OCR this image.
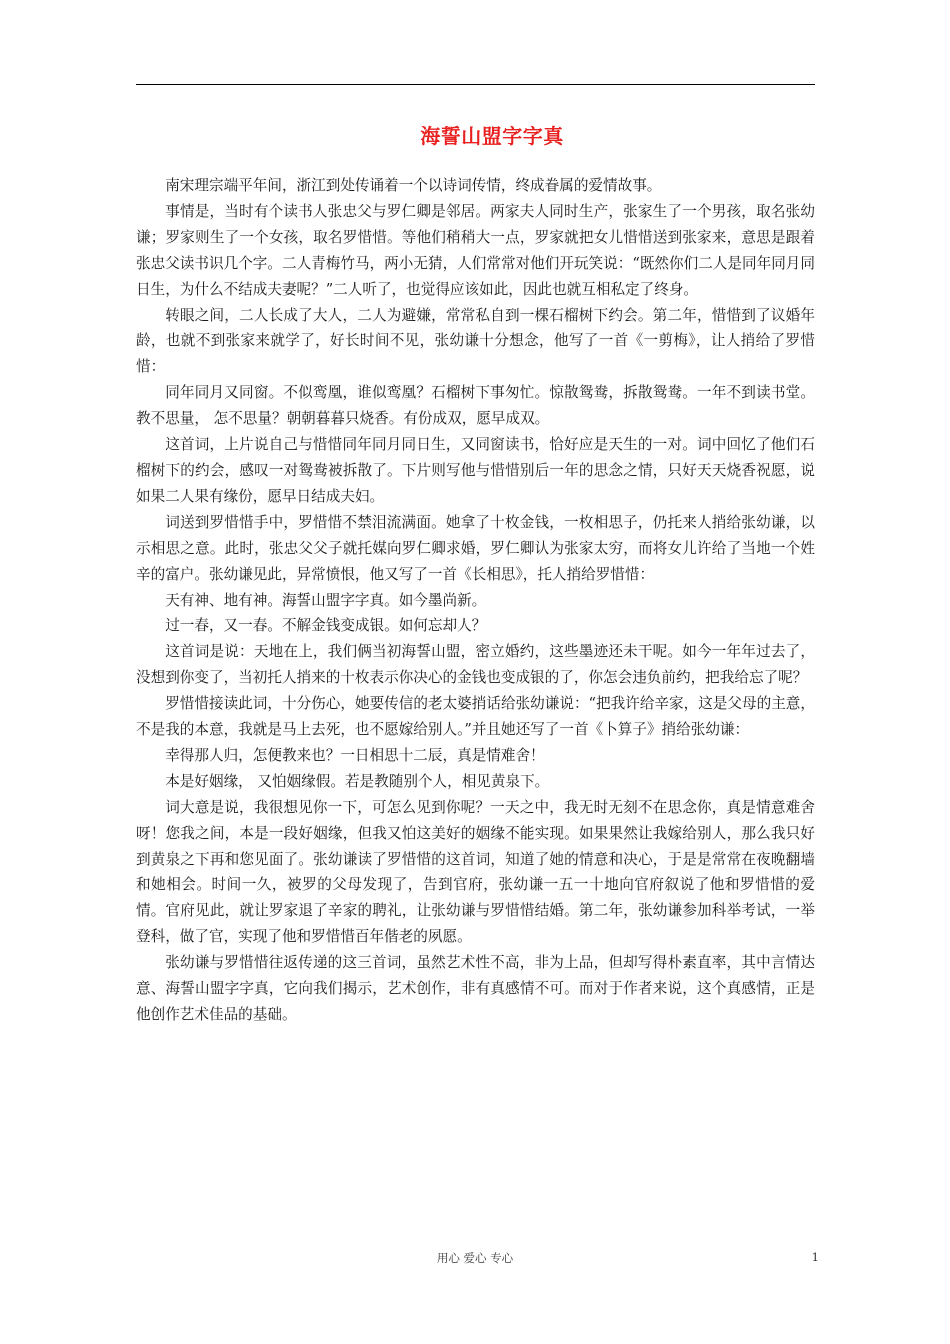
海誓山盟字字真

南宋理宗端平年间，浙江到处传诵着一个以诗词传情，终成眷属的爱情故事。

事情是，当时有个读书人张忠父与罗仁卿是邻居。两家夫人同时生产，张家生了一个男孩，取名张幼谦；罗家则生了一个女孩，取名罗惜惜。等他们稍稍大一点，罗家就把女儿惜惜送到张家来，意思是跟着张忠父读书识几个字。二人青梅竹马，两小无猜，人们常常对他们开玩笑说：“既然你们二人是同年同月同日生，为什么不结成夫妻呢？”二人听了，也觉得应该如此，因此也就互相私定了终身。

转眼之间，二人长成了大人，二人为避嫌，常常私自到一棵石榴树下约会。第二年，惜惜到了议婚年龄，也就不到张家来就学了，好长时间不见，张幼谦十分想念，他写了一首《一剪梅》，让人捎给了罗惜惜：

同年同月又同窗。不似鸾凰，谁似鸾凰？石榴树下事匆忙。惊散鸳鸯，拆散鸳鸯。一年不到读书堂。教不思量， 怎不思量？朝朝暮暮只烧香。有份成双，愿早成双。

这首词，上片说自己与惜惜同年同月同日生，又同窗读书，恰好应是天生的一对。词中回忆了他们石榴树下的约会，感叹一对鸳鸯被拆散了。下片则写他与惜惜别后一年的思念之情，只好天天烧香祝愿，说如果二人果有缘份，愿早日结成夫妇。

词送到罗惜惜手中，罗惜惜不禁泪流满面。她拿了十枚金钱，一枚相思子，仍托来人捎给张幼谦，以示相思之意。此时，张忠父父子就托媒向罗仁卿求婚，罗仁卿认为张家太穷，而将女儿许给了当地一个姓辛的富户。张幼谦见此，异常愤恨，他又写了一首《长相思》，托人捎给罗惜惜：

天有神、地有神。海誓山盟字字真。如今墨尚新。

过一春，又一春。不解金钱变成银。如何忘却人？

这首词是说：天地在上，我们俩当初海誓山盟，密立婚约，这些墨迹还未干呢。如今一年年过去了，没想到你变了，当初托人捎来的十枚表示你决心的金钱也变成银的了，你怎会违负前约，把我给忘了呢？

罗惜惜接读此词，十分伤心，她要传信的老太婆捎话给张幼谦说：“把我许给辛家，这是父母的主意，不是我的本意，我就是马上去死，也不愿嫁给别人。”并且她还写了一首《卜算子》捎给张幼谦：

幸得那人归，怎便教来也？一日相思十二辰，真是情难舍！

本是好姻缘， 又怕姻缘假。若是教随别个人，相见黄泉下。

词大意是说，我很想见你一下，可怎么见到你呢？一天之中，我无时无刻不在思念你，真是情意难舍呀！您我之间，本是一段好姻缘，但我又怕这美好的姻缘不能实现。如果果然让我嫁给别人，那么我只好到黄泉之下再和您见面了。张幼谦读了罗惜惜的这首词，知道了她的情意和决心，于是是常常在夜晚翻墙和她相会。时间一久，被罗的父母发现了，告到官府，张幼谦一五一十地向官府叙说了他和罗惜惜的爱情。官府见此，就让罗家退了辛家的聘礼，让张幼谦与罗惜惜结婚。第二年，张幼谦参加科举考试，一举登科，做了官，实现了他和罗惜惜百年偕老的夙愿。

张幼谦与罗惜惜往返传递的这三首词，虽然艺术性不高，非为上品，但却写得朴素直率，其中言情达意、海誓山盟字字真，它向我们揭示，艺术创作，非有真感情不可。而对于作者来说，这个真感情，正是他创作艺术佳品的基础。

用心 爱心 专心	1
